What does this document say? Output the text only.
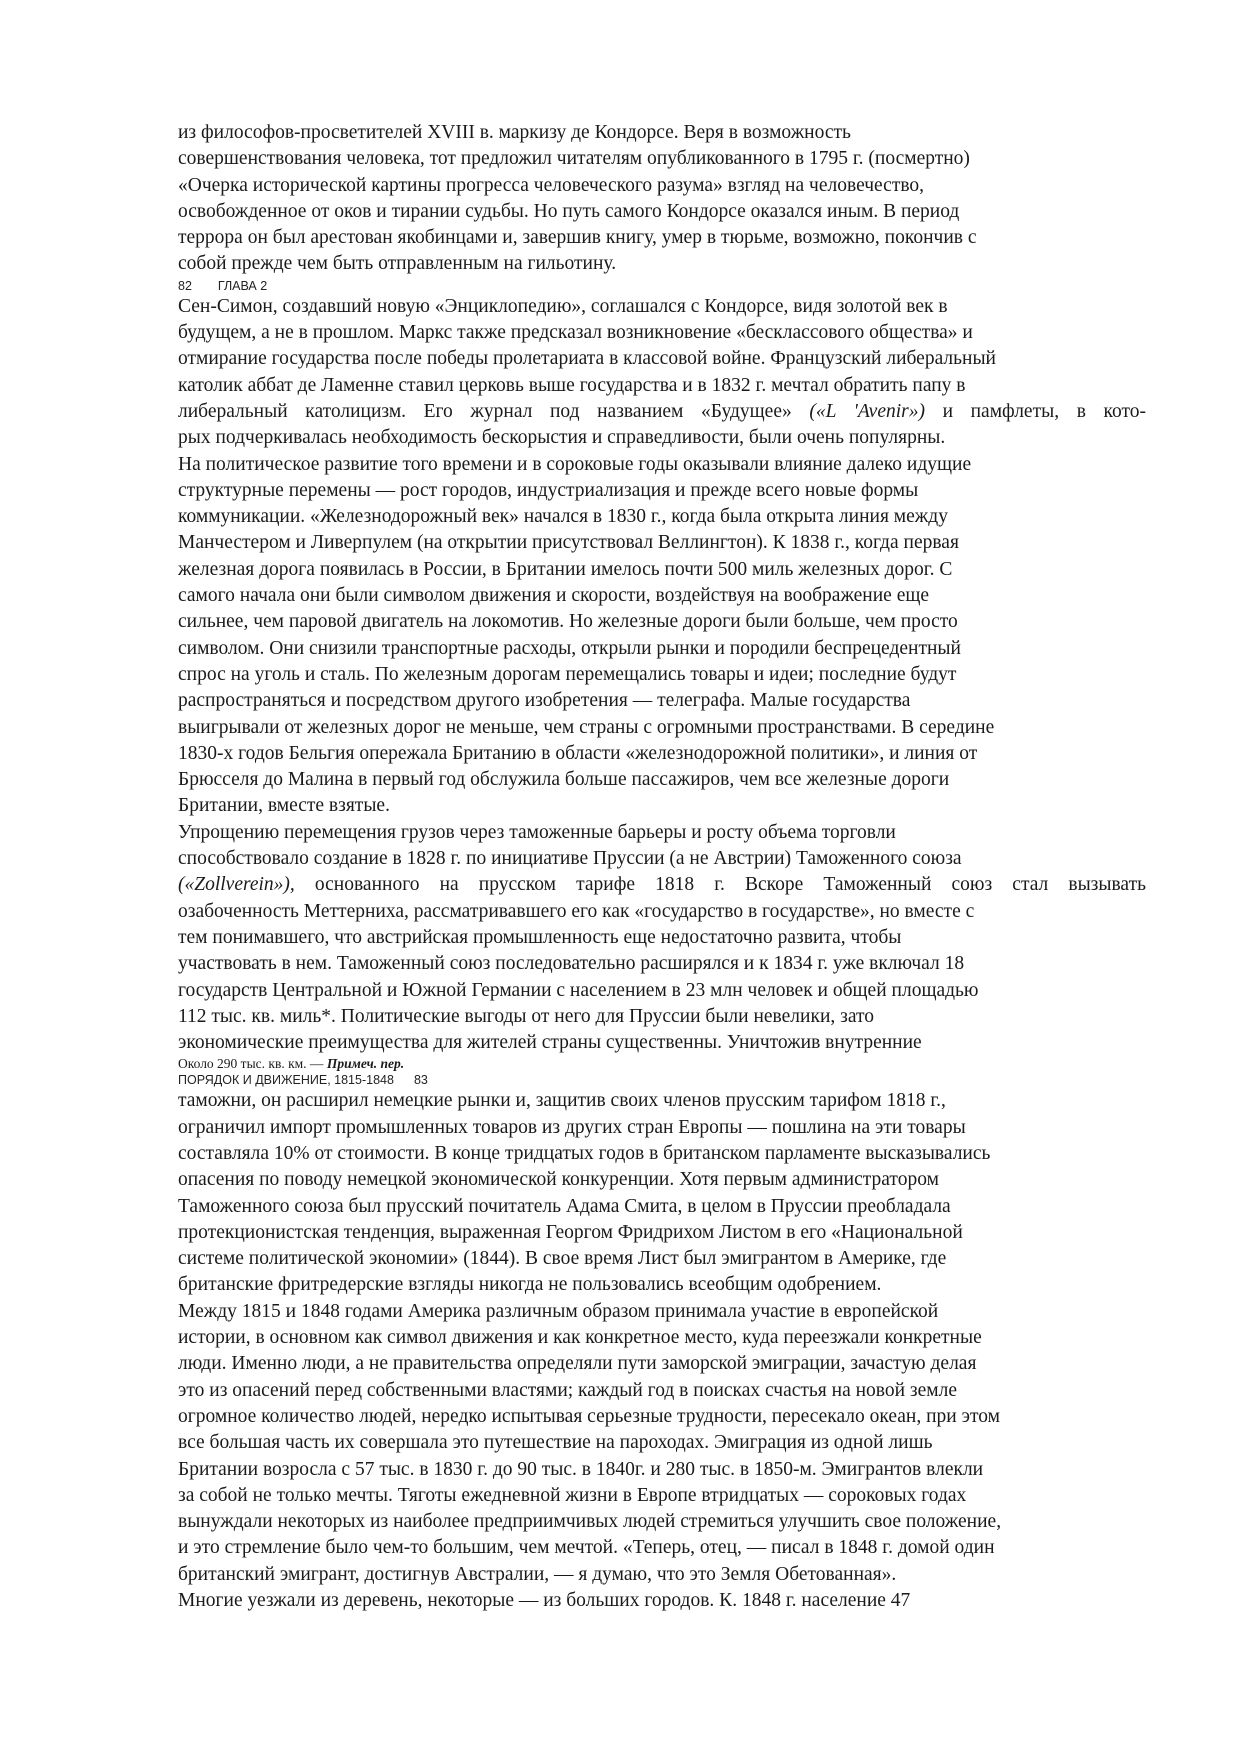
из философов-просветителей XVIII в. маркизу де Кондорсе. Веря в возможность
совершенствования человека, тот предложил читателям опубликованного в 1795 г. (посмертно)
«Очерка исторической картины прогресса человеческого разума» взгляд на человечество,
освобожденное от оков и тирании судьбы. Но путь самого Кондорсе оказался иным. В период
террора он был арестован якобинцами и, завершив книгу, умер в тюрьме, возможно, покончив с
собой прежде чем быть отправленным на гильотину.
82 ГЛАВА 2
Сен-Симон, создавший новую «Энциклопедию», соглашался с Кондорсе, видя золотой век в
будущем, а не в прошлом. Маркс также предсказал возникновение «бесклассового общества» и
отмирание государства после победы пролетариата в классовой войне. Французский либеральный
католик аббат де Ламенне ставил церковь выше государства и в 1832 г. мечтал обратить папу в
либеральный католицизм. Его журнал под названием «Будущее» («L 'Avenir») и памфлеты, в кото-
рых подчеркивалась необходимость бескорыстия и справедливости, были очень популярны.
На политическое развитие того времени и в сороковые годы оказывали влияние далеко идущие
структурные перемены — рост городов, индустриализация и прежде всего новые формы
коммуникации. «Железнодорожный век» начался в 1830 г., когда была открыта линия между
Манчестером и Ливерпулем (на открытии присутствовал Веллингтон). К 1838 г., когда первая
железная дорога появилась в России, в Британии имелось почти 500 миль железных дорог. С
самого начала они были символом движения и скорости, воздействуя на воображение еще
сильнее, чем паровой двигатель на локомотив. Но железные дороги были больше, чем просто
символом. Они снизили транспортные расходы, открыли рынки и породили беспрецедентный
спрос на уголь и сталь. По железным дорогам перемещались товары и идеи; последние будут
распространяться и посредством другого изобретения — телеграфа. Малые государства
выигрывали от железных дорог не меньше, чем страны с огромными пространствами. В середине
1830-х годов Бельгия опережала Британию в области «железнодорожной политики», и линия от
Брюсселя до Малина в первый год обслужила больше пассажиров, чем все железные дороги
Британии, вместе взятые.
Упрощению перемещения грузов через таможенные барьеры и росту объема торговли
способствовало создание в 1828 г. по инициативе Пруссии (а не Австрии) Таможенного союза
(«Zollverein»), основанного на прусском тарифе 1818 г. Вскоре Таможенный союз стал вызывать
озабоченность Меттерниха, рассматривавшего его как «государство в государстве», но вместе с
тем понимавшего, что австрийская промышленность еще недостаточно развита, чтобы
участвовать в нем. Таможенный союз последовательно расширялся и к 1834 г. уже включал 18
государств Центральной и Южной Германии с населением в 23 млн человек и общей площадью
112 тыс. кв. миль*. Политические выгоды от него для Пруссии были невелики, зато
экономические преимущества для жителей страны существенны. Уничтожив внутренние
Около 290 тыс. кв. км. — Примеч. пер.
ПОРЯДОК И ДВИЖЕНИЕ, 1815-1848 83
таможни, он расширил немецкие рынки и, защитив своих членов прусским тарифом 1818 г.,
ограничил импорт промышленных товаров из других стран Европы — пошлина на эти товары
составляла 10% от стоимости. В конце тридцатых годов в британском парламенте высказывались
опасения по поводу немецкой экономической конкуренции. Хотя первым администратором
Таможенного союза был прусский почитатель Адама Смита, в целом в Пруссии преобладала
протекционистская тенденция, выраженная Георгом Фридрихом Листом в его «Национальной
системе политической экономии» (1844). В свое время Лист был эмигрантом в Америке, где
британские фритредерские взгляды никогда не пользовались всеобщим одобрением.
Между 1815 и 1848 годами Америка различным образом принимала участие в европейской
истории, в основном как символ движения и как конкретное место, куда переезжали конкретные
люди. Именно люди, а не правительства определяли пути заморской эмиграции, зачастую делая
это из опасений перед собственными властями; каждый год в поисках счастья на новой земле
огромное количество людей, нередко испытывая серьезные трудности, пересекало океан, при этом
все большая часть их совершала это путешествие на пароходах. Эмиграция из одной лишь
Британии возросла с 57 тыс. в 1830 г. до 90 тыс. в 1840г. и 280 тыс. в 1850-м. Эмигрантов влекли
за собой не только мечты. Тяготы ежедневной жизни в Европе втридцатых — сороковых годах
вынуждали некоторых из наиболее предприимчивых людей стремиться улучшить свое положение,
и это стремление было чем-то большим, чем мечтой. «Теперь, отец, — писал в 1848 г. домой один
британский эмигрант, достигнув Австралии, — я думаю, что это Земля Обетованная».
Многие уезжали из деревень, некоторые — из больших городов. К. 1848 г. население 47
